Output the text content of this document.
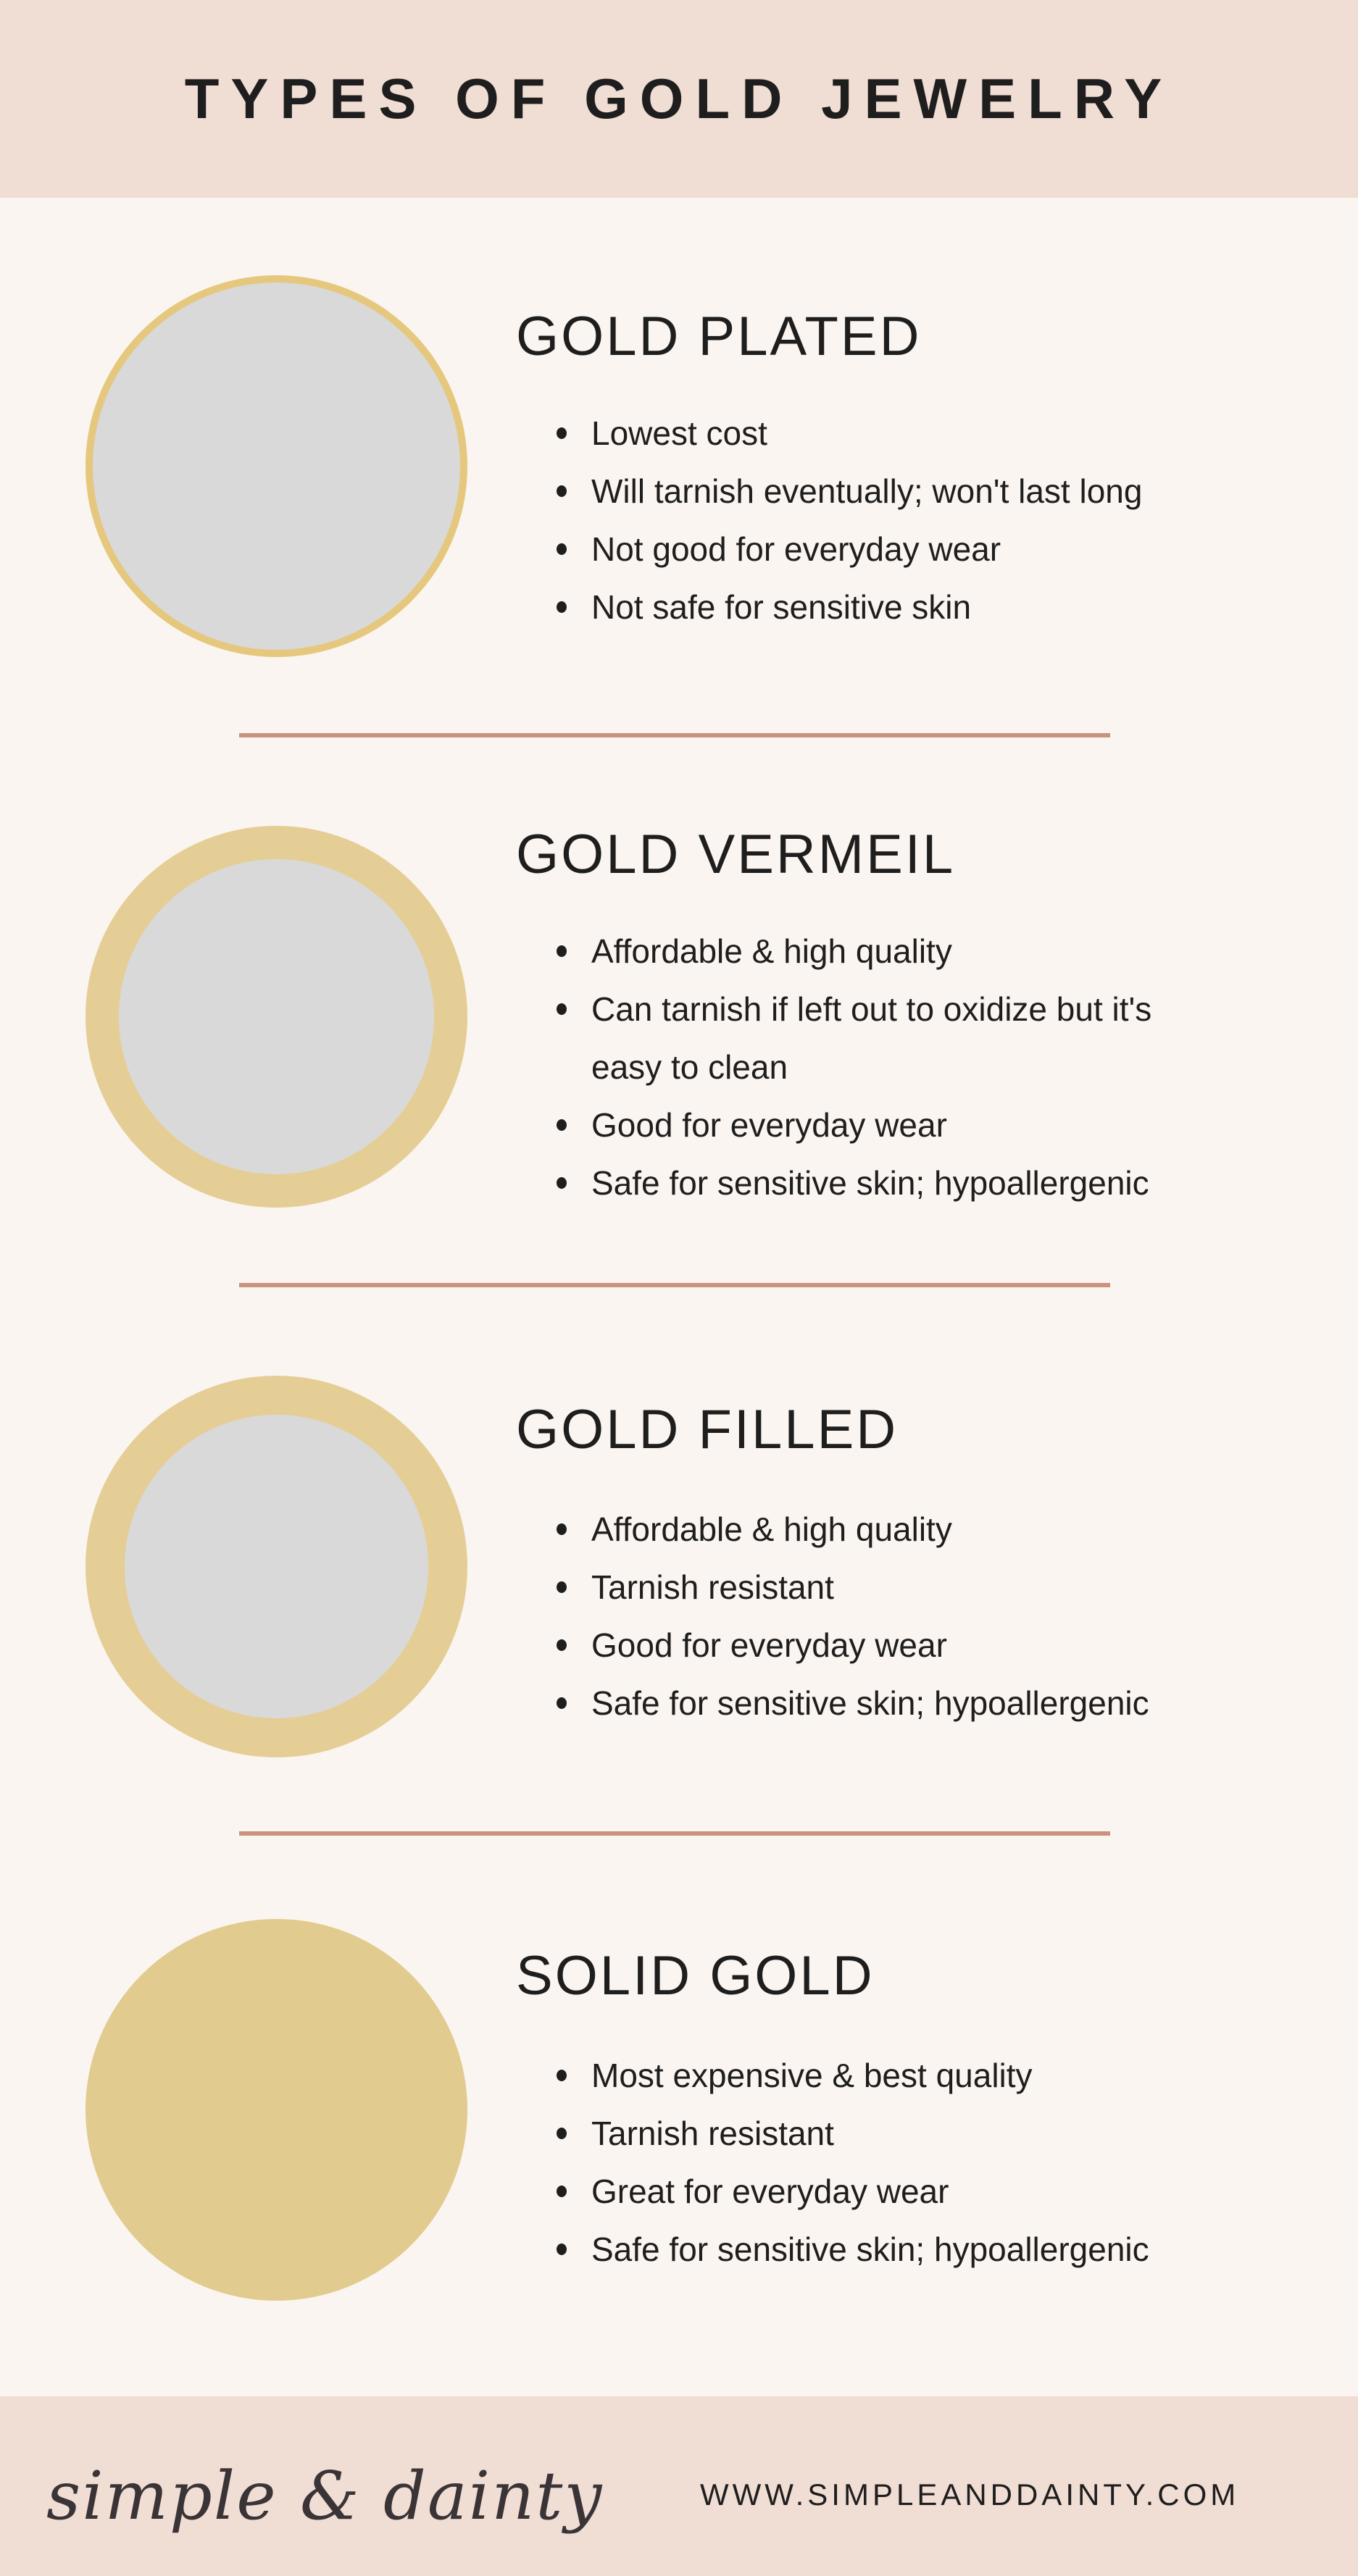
TYPES OF GOLD JEWELRY
GOLD PLATED
Lowest cost
Will tarnish eventually; won't last long
Not good for everyday wear
Not safe for sensitive skin
GOLD VERMEIL
Affordable & high quality
Can tarnish if left out to oxidize but it's easy to clean
Good for everyday wear
Safe for sensitive skin; hypoallergenic
GOLD FILLED
Affordable & high quality
Tarnish resistant
Good for everyday wear
Safe for sensitive skin; hypoallergenic
SOLID GOLD
Most expensive & best quality
Tarnish resistant
Great for everyday wear
Safe for sensitive skin; hypoallergenic
simple & dainty	WWW.SIMPLEANDDAINTY.COM
